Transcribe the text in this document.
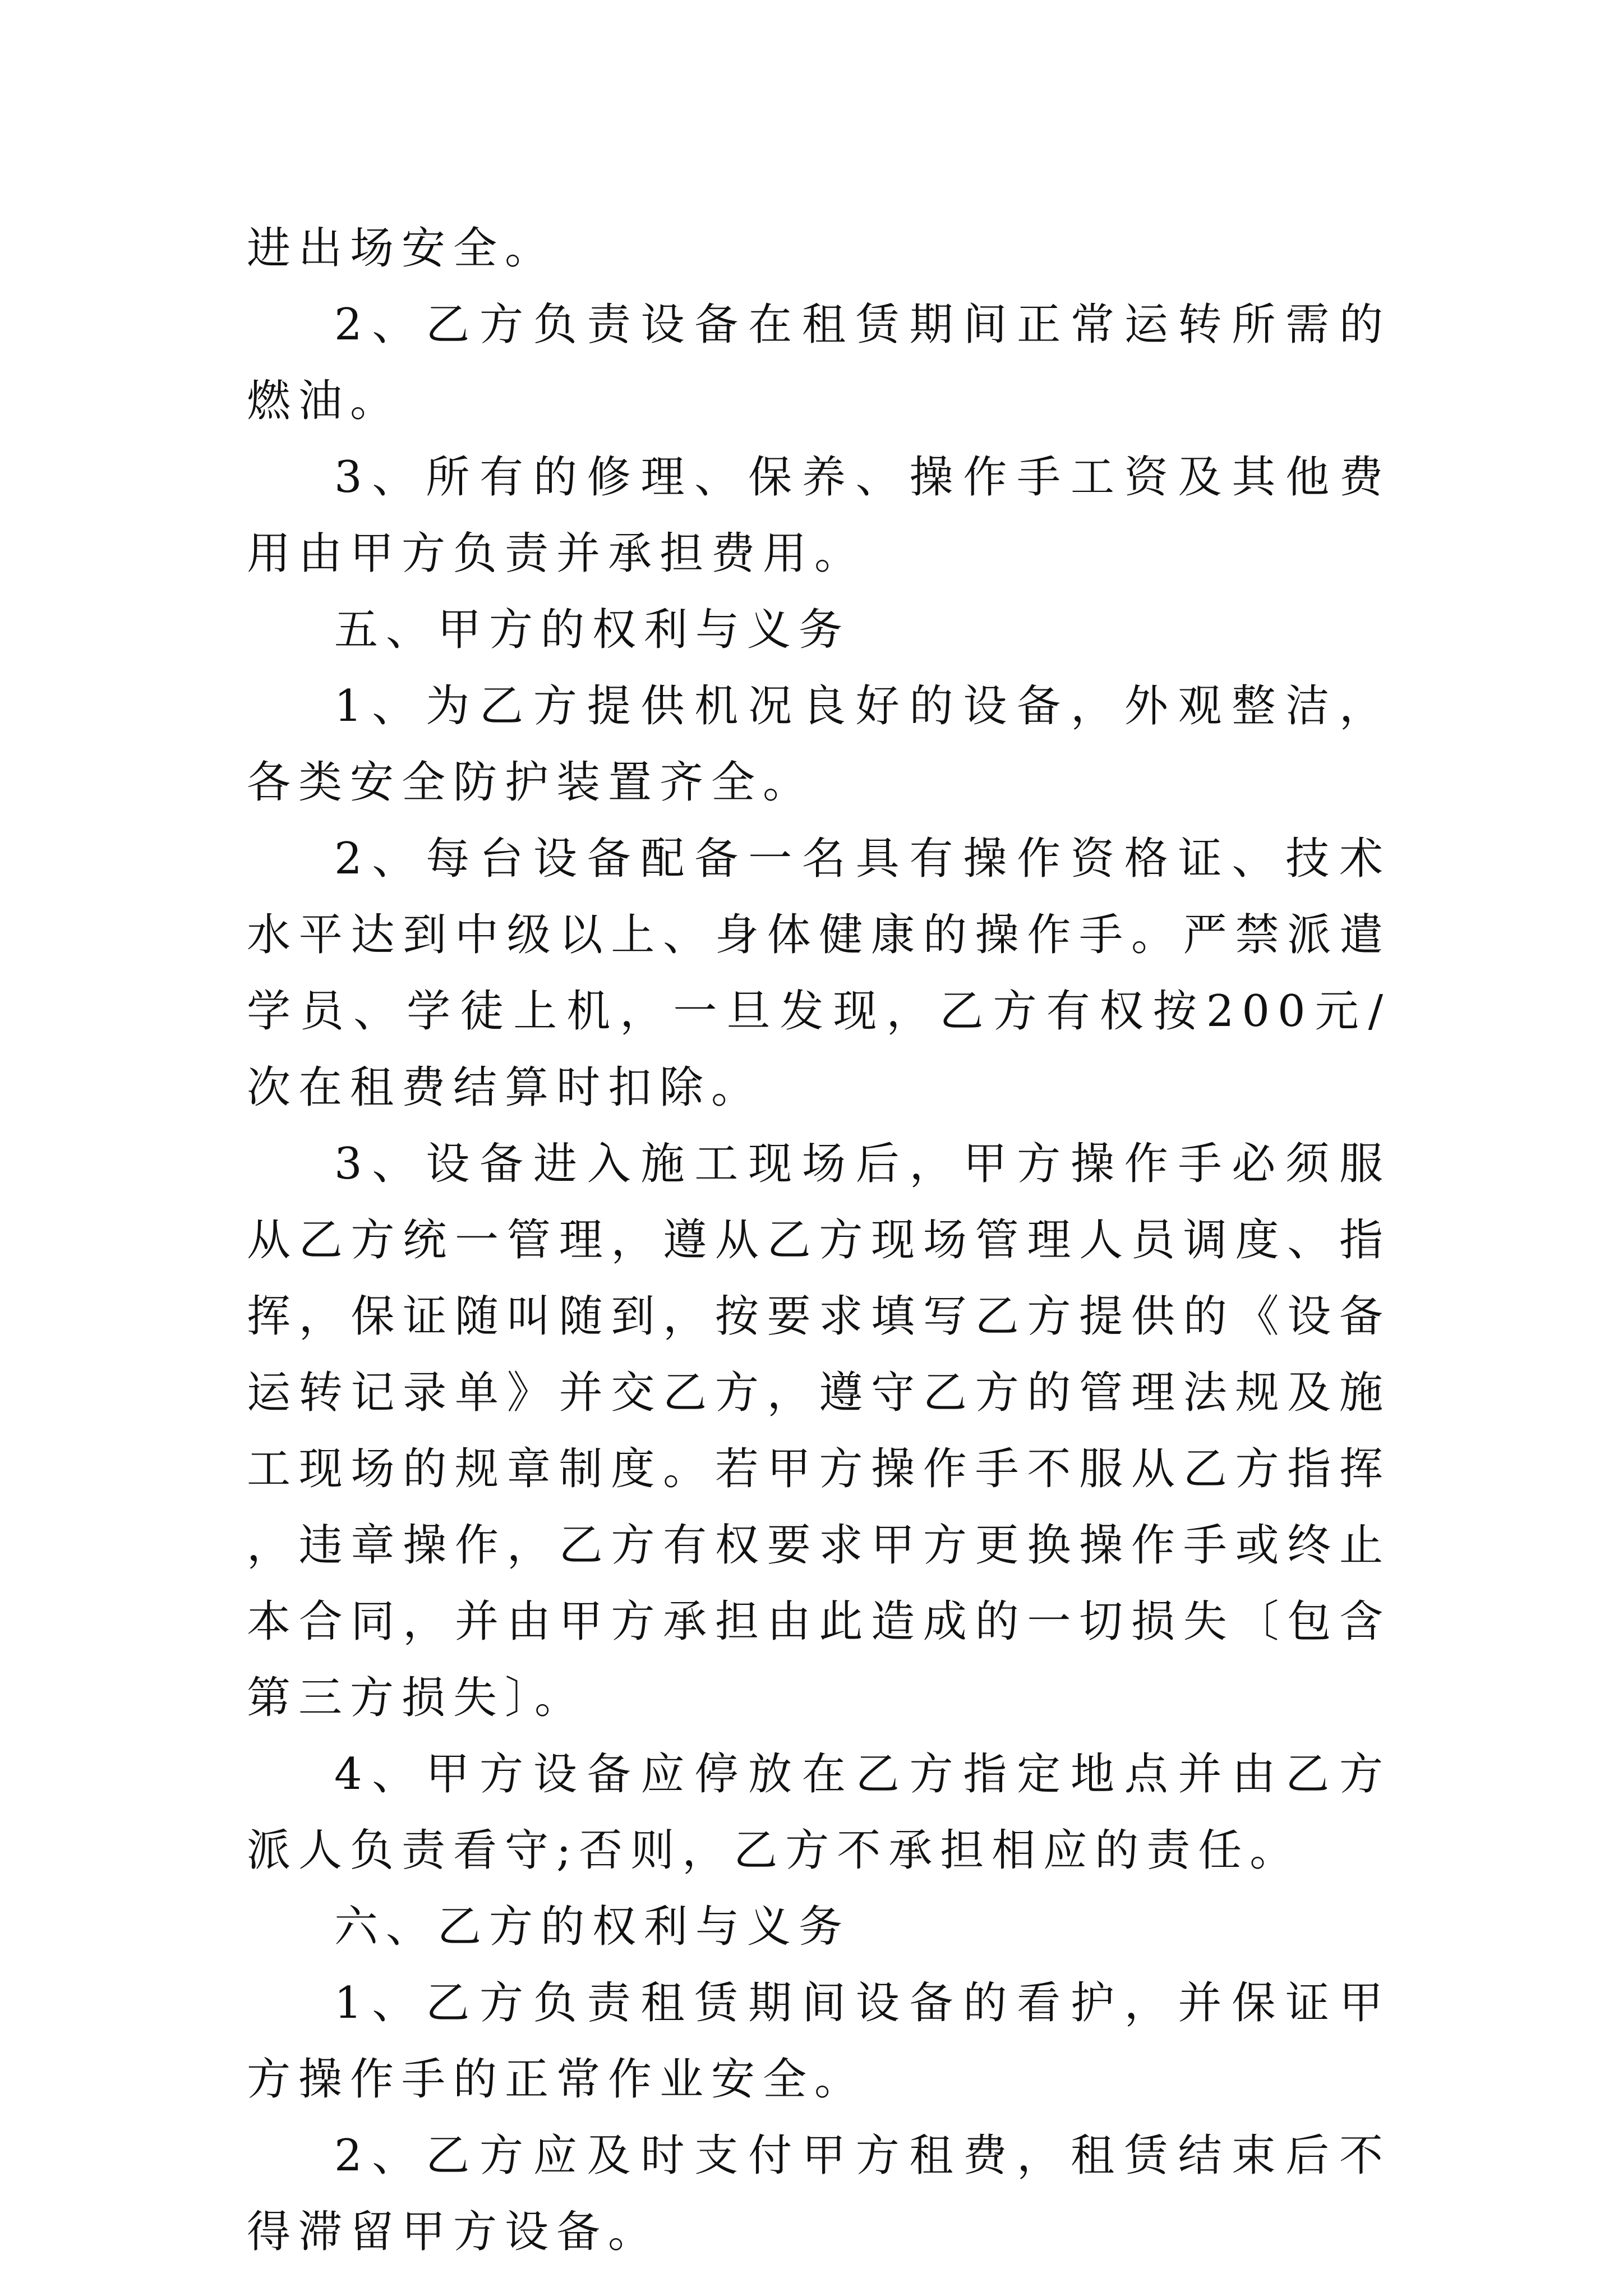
进出场安全。

2、乙方负责设备在租赁期间正常运转所需的燃油。

3、所有的修理、保养、操作手工资及其他费用由甲方负责并承担费用。

五、甲方的权利与义务

1、为乙方提供机况良好的设备，外观整洁，各类安全防护装置齐全。

2、每台设备配备一名具有操作资格证、技术水平达到中级以上、身体健康的操作手。严禁派遣学员、学徒上机，一旦发现，乙方有权按200元/次在租费结算时扣除。

3、设备进入施工现场后，甲方操作手必须服从乙方统一管理，遵从乙方现场管理人员调度、指挥，保证随叫随到，按要求填写乙方提供的《设备运转记录单》并交乙方，遵守乙方的管理法规及施工现场的规章制度。若甲方操作手不服从乙方指挥，违章操作，乙方有权要求甲方更换操作手或终止本合同，并由甲方承担由此造成的一切损失〔包含第三方损失〕。

4、甲方设备应停放在乙方指定地点并由乙方派人负责看守;否则，乙方不承担相应的责任。

六、乙方的权利与义务

1、乙方负责租赁期间设备的看护，并保证甲方操作手的正常作业安全。

2、乙方应及时支付甲方租费，租赁结束后不得滞留甲方设备。
